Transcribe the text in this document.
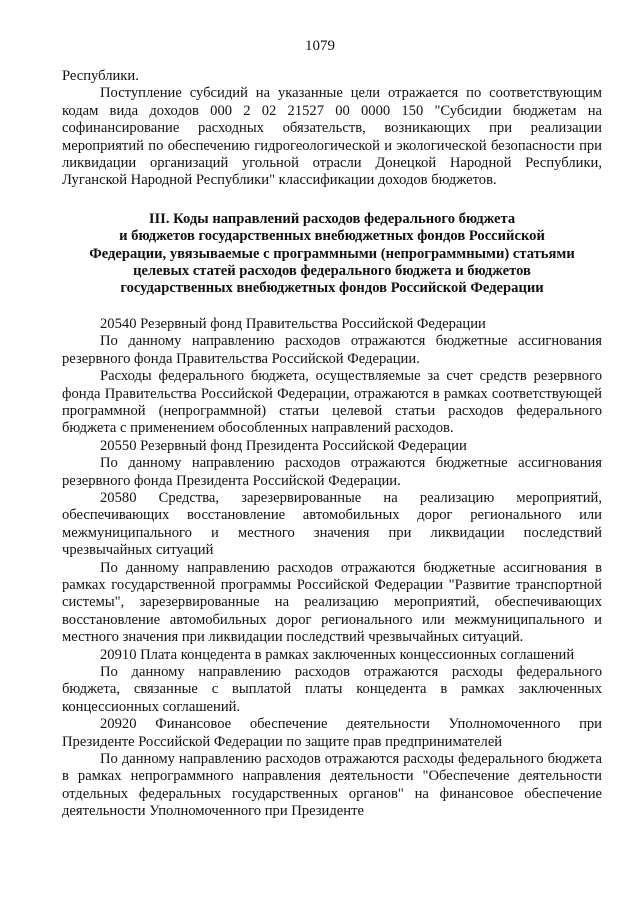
1079

Республики.

Поступление субсидий на указанные цели отражается по соответствующим кодам вида доходов 000 2 02 21527 00 0000 150 "Субсидии бюджетам на софинансирование расходных обязательств, возникающих при реализации мероприятий по обеспечению гидрогеологической и экологической безопасности при ликвидации организаций угольной отрасли Донецкой Народной Республики, Луганской Народной Республики" классификации доходов бюджетов.

III. Коды направлений расходов федерального бюджета
и бюджетов государственных внебюджетных фондов Российской
Федерации, увязываемые с программными (непрограммными) статьями
целевых статей расходов федерального бюджета и бюджетов
государственных внебюджетных фондов Российской Федерации

20540 Резервный фонд Правительства Российской Федерации

По данному направлению расходов отражаются бюджетные ассигнования резервного фонда Правительства Российской Федерации.

Расходы федерального бюджета, осуществляемые за счет средств резервного фонда Правительства Российской Федерации, отражаются в рамках соответствующей программной (непрограммной) статьи целевой статьи расходов федерального бюджета с применением обособленных направлений расходов.

20550 Резервный фонд Президента Российской Федерации

По данному направлению расходов отражаются бюджетные ассигнования резервного фонда Президента Российской Федерации.

20580 Средства, зарезервированные на реализацию мероприятий, обеспечивающих восстановление автомобильных дорог регионального или межмуниципального и местного значения при ликвидации последствий чрезвычайных ситуаций

По данному направлению расходов отражаются бюджетные ассигнования в рамках государственной программы Российской Федерации "Развитие транспортной системы", зарезервированные на реализацию мероприятий, обеспечивающих восстановление автомобильных дорог регионального или межмуниципального и местного значения при ликвидации последствий чрезвычайных ситуаций.

20910 Плата концедента в рамках заключенных концессионных соглашений

По данному направлению расходов отражаются расходы федерального бюджета, связанные с выплатой платы концедента в рамках заключенных концессионных соглашений.

20920 Финансовое обеспечение деятельности Уполномоченного при Президенте Российской Федерации по защите прав предпринимателей

По данному направлению расходов отражаются расходы федерального бюджета в рамках непрограммного направления деятельности "Обеспечение деятельности отдельных федеральных государственных органов" на финансовое обеспечение деятельности Уполномоченного при Президенте
